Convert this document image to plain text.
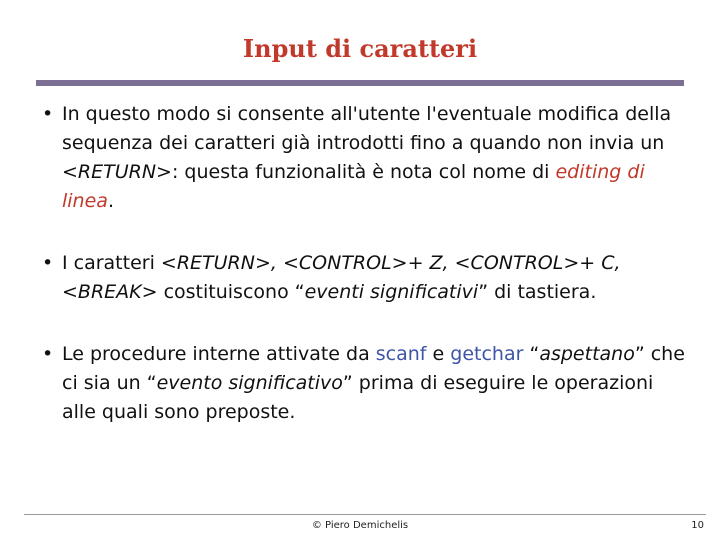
Input di caratteri
• In questo modo si consente all'utente l'eventuale modifica della sequenza dei caratteri già introdotti fino a quando non invia un <RETURN>: questa funzionalità è nota col nome di editing di linea.
• I caratteri <RETURN>, <CONTROL>+ Z, <CONTROL>+ C, <BREAK> costituiscono “eventi significativi” di tastiera.
• Le procedure interne attivate da scanf e getchar “aspettano” che ci sia un “evento significativo” prima di eseguire le operazioni alle quali sono preposte.
© Piero Demichelis	10
